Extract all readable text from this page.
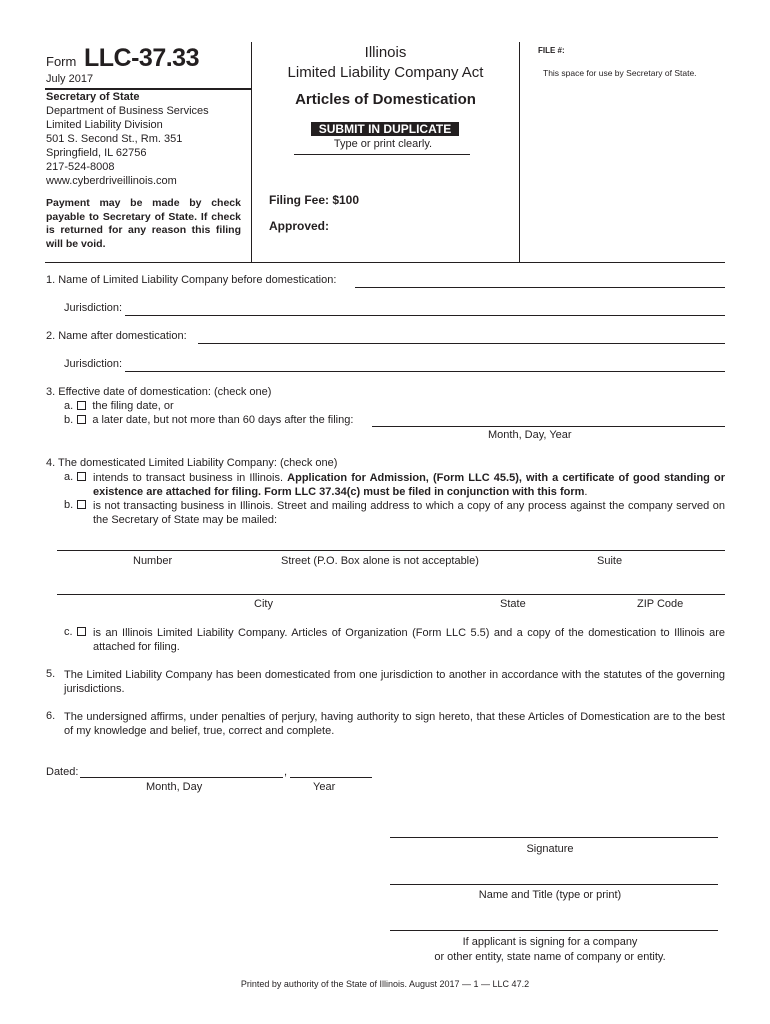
Form LLC-37.33
July 2017
Secretary of State
Department of Business Services
Limited Liability Division
501 S. Second St., Rm. 351
Springfield, IL 62756
217-524-8008
www.cyberdriveillinois.com
Payment may be made by check payable to Secretary of State. If check is returned for any reason this filing will be void.
Illinois
Limited Liability Company Act
Articles of Domestication
SUBMIT IN DUPLICATE
Type or print clearly.
Filing Fee: $100
Approved:
FILE #:
This space for use by Secretary of State.
1. Name of Limited Liability Company before domestication:
Jurisdiction:
2. Name after domestication:
Jurisdiction:
3. Effective date of domestication: (check one)
a. the filing date, or
b. a later date, but not more than 60 days after the filing:
Month, Day, Year
4. The domesticated Limited Liability Company: (check one)
a.	intends to transact business in Illinois. Application for Admission, (Form LLC 45.5), with a certificate of good standing or existence are attached for filing. Form LLC 37.34(c) must be filed in conjunction with this form.
b.	is not transacting business in Illinois. Street and mailing address to which a copy of any process against the company served on the Secretary of State may be mailed:
Number	Street (P.O. Box alone is not acceptable)	Suite
City	State	ZIP Code
c.	is an Illinois Limited Liability Company. Articles of Organization (Form LLC 5.5) and a copy of the domestication to Illinois are attached for filing.
5. The Limited Liability Company has been domesticated from one jurisdiction to another in accordance with the statutes of the governing jurisdictions.
6. The undersigned affirms, under penalties of perjury, having authority to sign hereto, that these Articles of Domestication are to the best of my knowledge and belief, true, correct and complete.
Dated:	,
Month, Day	Year
Signature
Name and Title (type or print)
If applicant is signing for a company
or other entity, state name of company or entity.
Printed by authority of the State of Illinois. August 2017 — 1 — LLC 47.2
